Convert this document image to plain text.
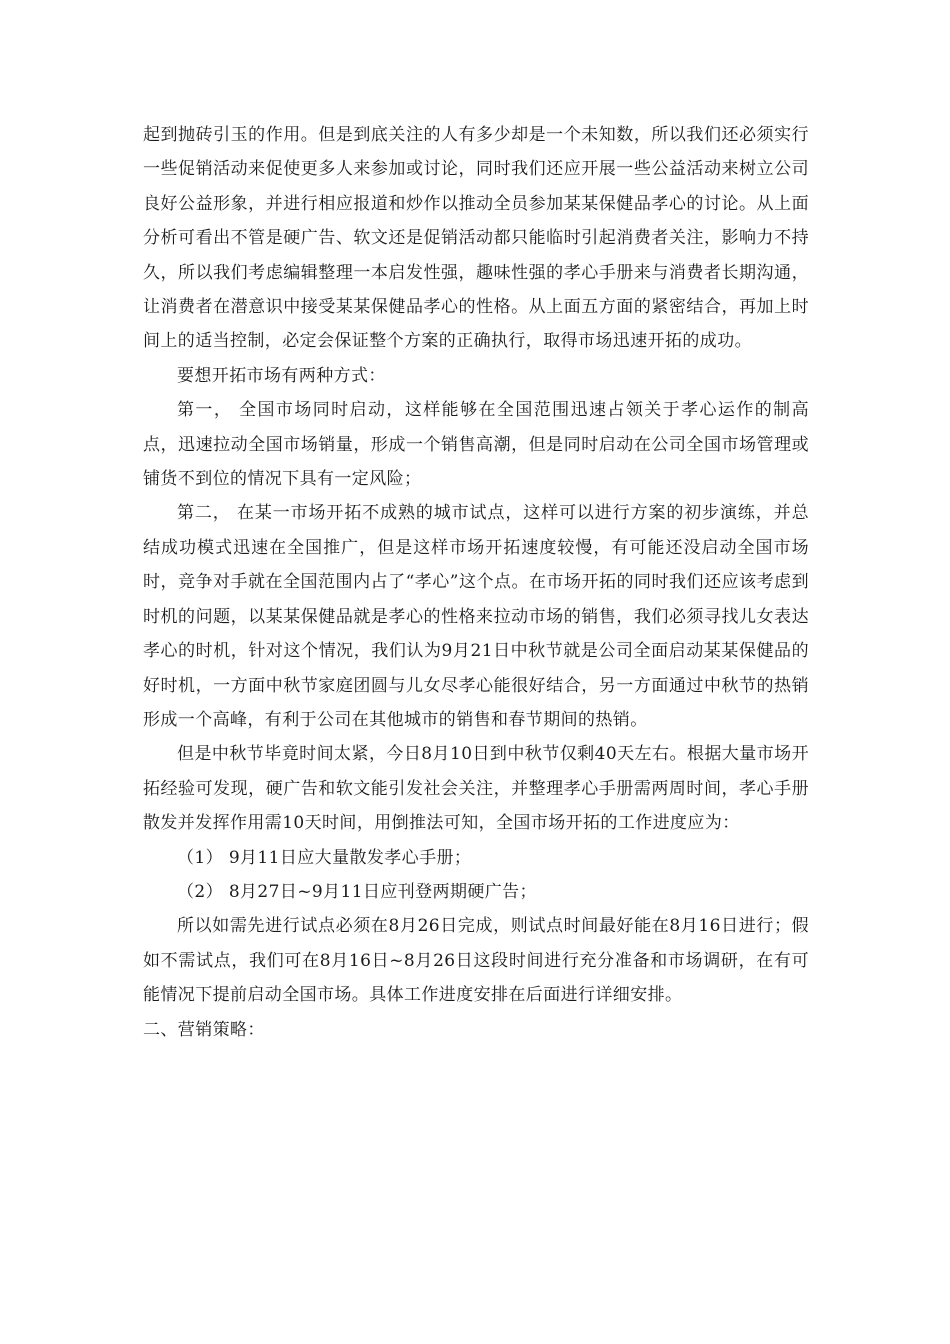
起到抛砖引玉的作用。但是到底关注的人有多少却是一个未知数，所以我们还必须实行一些促销活动来促使更多人来参加或讨论，同时我们还应开展一些公益活动来树立公司良好公益形象，并进行相应报道和炒作以推动全员参加某某保健品孝心的讨论。从上面分析可看出不管是硬广告、软文还是促销活动都只能临时引起消费者关注，影响力不持久，所以我们考虑编辑整理一本启发性强，趣味性强的孝心手册来与消费者长期沟通，让消费者在潜意识中接受某某保健品孝心的性格。从上面五方面的紧密结合，再加上时间上的适当控制，必定会保证整个方案的正确执行，取得市场迅速开拓的成功。

要想开拓市场有两种方式：

第一， 全国市场同时启动，这样能够在全国范围迅速占领关于孝心运作的制高点，迅速拉动全国市场销量，形成一个销售高潮，但是同时启动在公司全国市场管理或铺货不到位的情况下具有一定风险；

第二， 在某一市场开拓不成熟的城市试点，这样可以进行方案的初步演练，并总结成功模式迅速在全国推广，但是这样市场开拓速度较慢，有可能还没启动全国市场时，竞争对手就在全国范围内占了“孝心”这个点。在市场开拓的同时我们还应该考虑到时机的问题，以某某保健品就是孝心的性格来拉动市场的销售，我们必须寻找儿女表达孝心的时机，针对这个情况，我们认为9月21日中秋节就是公司全面启动某某保健品的好时机，一方面中秋节家庭团圆与儿女尽孝心能很好结合，另一方面通过中秋节的热销形成一个高峰，有利于公司在其他城市的销售和春节期间的热销。

但是中秋节毕竟时间太紧，今日8月10日到中秋节仅剩40天左右。根据大量市场开拓经验可发现，硬广告和软文能引发社会关注，并整理孝心手册需两周时间，孝心手册散发并发挥作用需10天时间，用倒推法可知，全国市场开拓的工作进度应为：

（1） 9月11日应大量散发孝心手册；

（2） 8月27日~9月11日应刊登两期硬广告；

所以如需先进行试点必须在8月26日完成，则试点时间最好能在8月16日进行；假如不需试点，我们可在8月16日~8月26日这段时间进行充分准备和市场调研，在有可能情况下提前启动全国市场。具体工作进度安排在后面进行详细安排。

二、营销策略：
